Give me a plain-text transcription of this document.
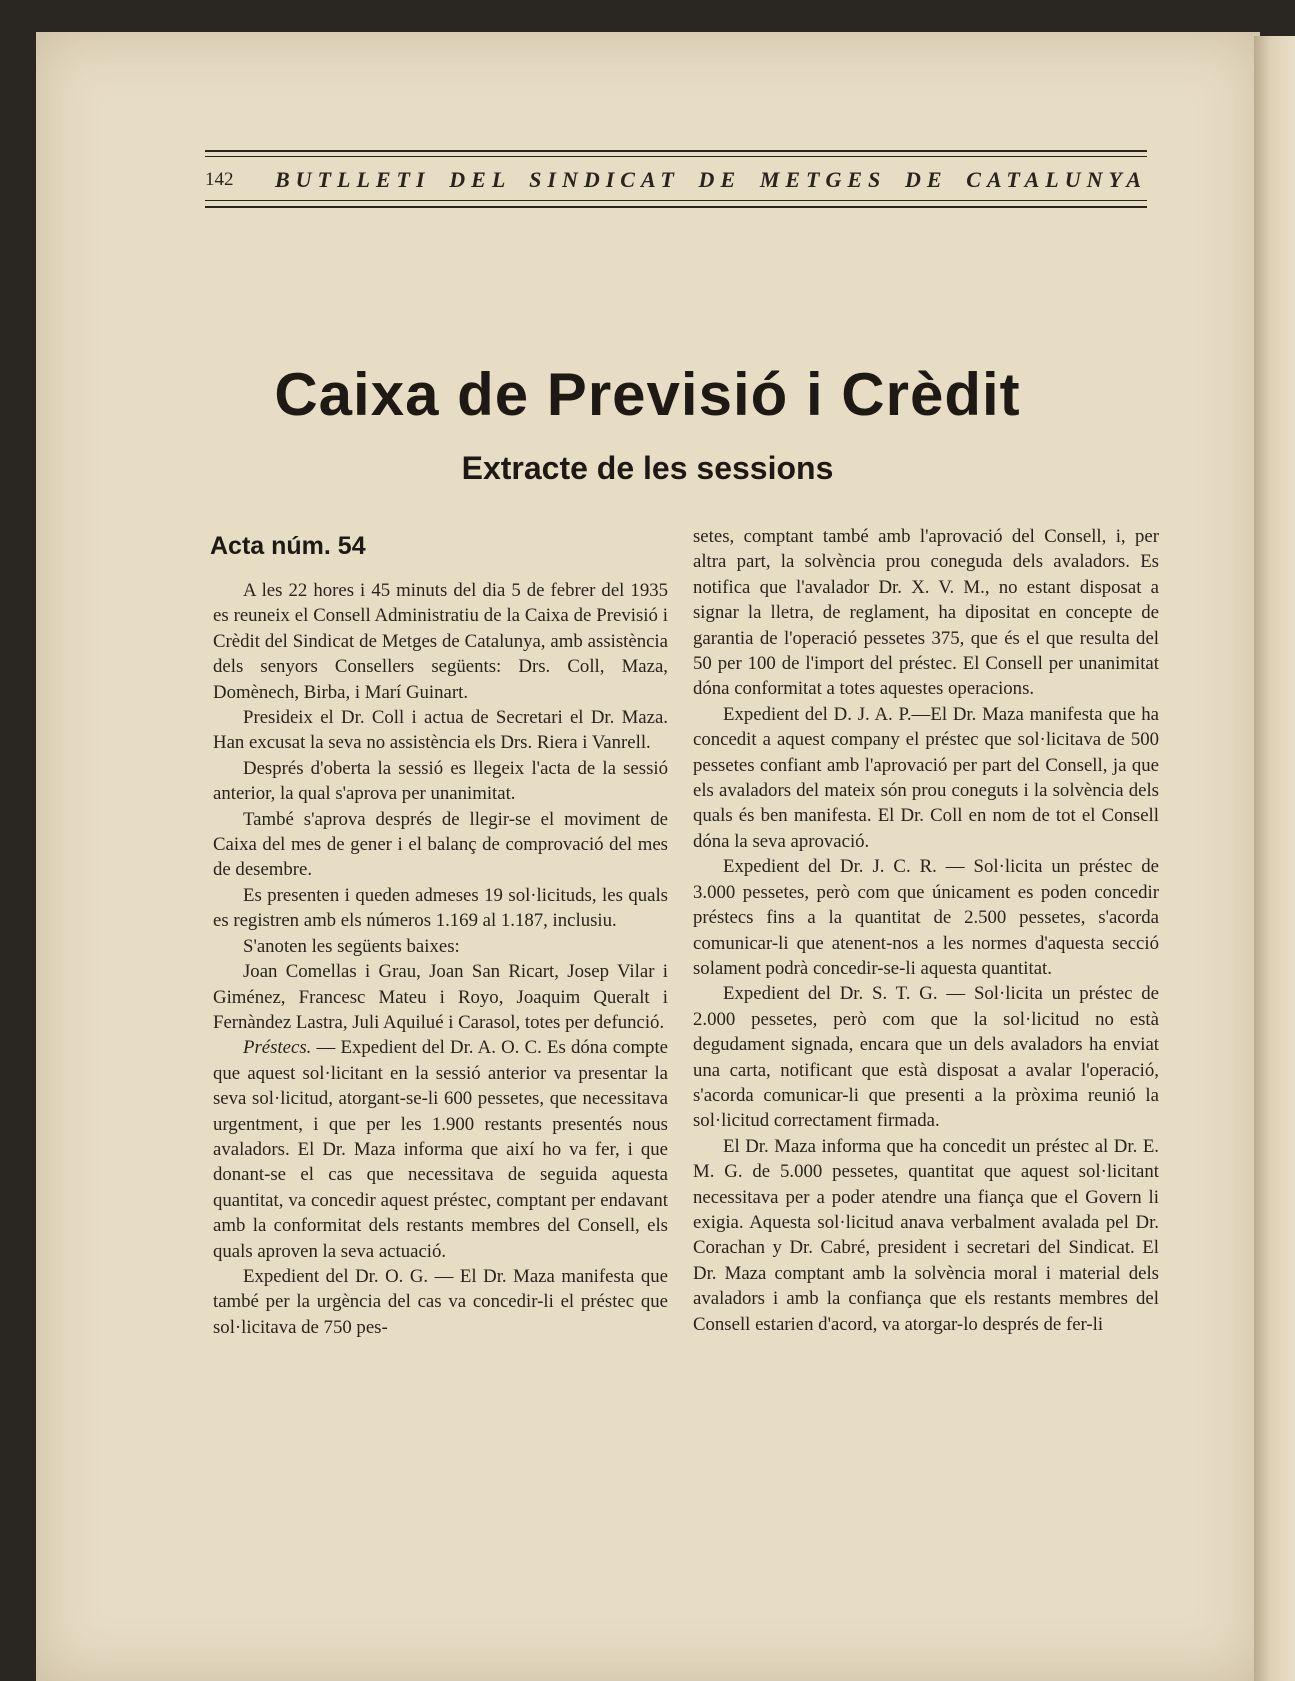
142	BUTLLETI DEL SINDICAT DE METGES DE CATALUNYA
Caixa de Previsió i Crèdit
Extracte de les sessions
Acta núm. 54

A les 22 hores i 45 minuts del dia 5 de febrer del 1935 es reuneix el Consell Administratiu de la Caixa de Previsió i Crèdit del Sindicat de Metges de Catalunya, amb assistència dels senyors Consellers següents: Drs. Coll, Maza, Domènech, Birba, i Marí Guinart.

Presideix el Dr. Coll i actua de Secretari el Dr. Maza. Han excusat la seva no assistència els Drs. Riera i Vanrell.

Després d'oberta la sessió es llegeix l'acta de la sessió anterior, la qual s'aprova per unanimitat.

També s'aprova després de llegir-se el moviment de Caixa del mes de gener i el balanç de comprovació del mes de desembre.

Es presenten i queden admeses 19 sol·licituds, les quals es registren amb els números 1.169 al 1.187, inclusiu.

S'anoten les següents baixes:

Joan Comellas i Grau, Joan San Ricart, Josep Vilar i Giménez, Francesc Mateu i Royo, Joaquim Queralt i Fernàndez Lastra, Juli Aquilué i Carasol, totes per defunció.

Préstecs. — Expedient del Dr. A. O. C. Es dóna compte que aquest sol·licitant en la sessió anterior va presentar la seva sol·licitud, atorgant-se-li 600 pessetes, que necessitava urgentment, i que per les 1.900 restants presentés nous avaladors. El Dr. Maza informa que així ho va fer, i que donant-se el cas que necessitava de seguida aquesta quantitat, va concedir aquest préstec, comptant per endavant amb la conformitat dels restants membres del Consell, els quals aproven la seva actuació.

Expedient del Dr. O. G. — El Dr. Maza manifesta que també per la urgència del cas va concedir-li el préstec que sol·licitava de 750 pes-

setes, comptant també amb l'aprovació del Consell, i, per altra part, la solvència prou coneguda dels avaladors. Es notifica que l'avalador Dr. X. V. M., no estant disposat a signar la lletra, de reglament, ha dipositat en concepte de garantia de l'operació pessetes 375, que és el que resulta del 50 per 100 de l'import del préstec. El Consell per unanimitat dóna conformitat a totes aquestes operacions.

Expedient del D. J. A. P.—El Dr. Maza manifesta que ha concedit a aquest company el préstec que sol·licitava de 500 pessetes confiant amb l'aprovació per part del Consell, ja que els avaladors del mateix són prou coneguts i la solvència dels quals és ben manifesta. El Dr. Coll en nom de tot el Consell dóna la seva aprovació.

Expedient del Dr. J. C. R. — Sol·licita un préstec de 3.000 pessetes, però com que únicament es poden concedir préstecs fins a la quantitat de 2.500 pessetes, s'acorda comunicar-li que atenent-nos a les normes d'aquesta secció solament podrà concedir-se-li aquesta quantitat.

Expedient del Dr. S. T. G. — Sol·licita un préstec de 2.000 pessetes, però com que la sol·licitud no està degudament signada, encara que un dels avaladors ha enviat una carta, notificant que està disposat a avalar l'operació, s'acorda comunicar-li que presenti a la pròxima reunió la sol·licitud correctament firmada.

El Dr. Maza informa que ha concedit un préstec al Dr. E. M. G. de 5.000 pessetes, quantitat que aquest sol·licitant necessitava per a poder atendre una fiança que el Govern li exigia. Aquesta sol·licitud anava verbalment avalada pel Dr. Corachan y Dr. Cabré, president i secretari del Sindicat. El Dr. Maza comptant amb la solvència moral i material dels avaladors i amb la confiança que els restants membres del Consell estarien d'acord, va atorgar-lo després de fer-li
